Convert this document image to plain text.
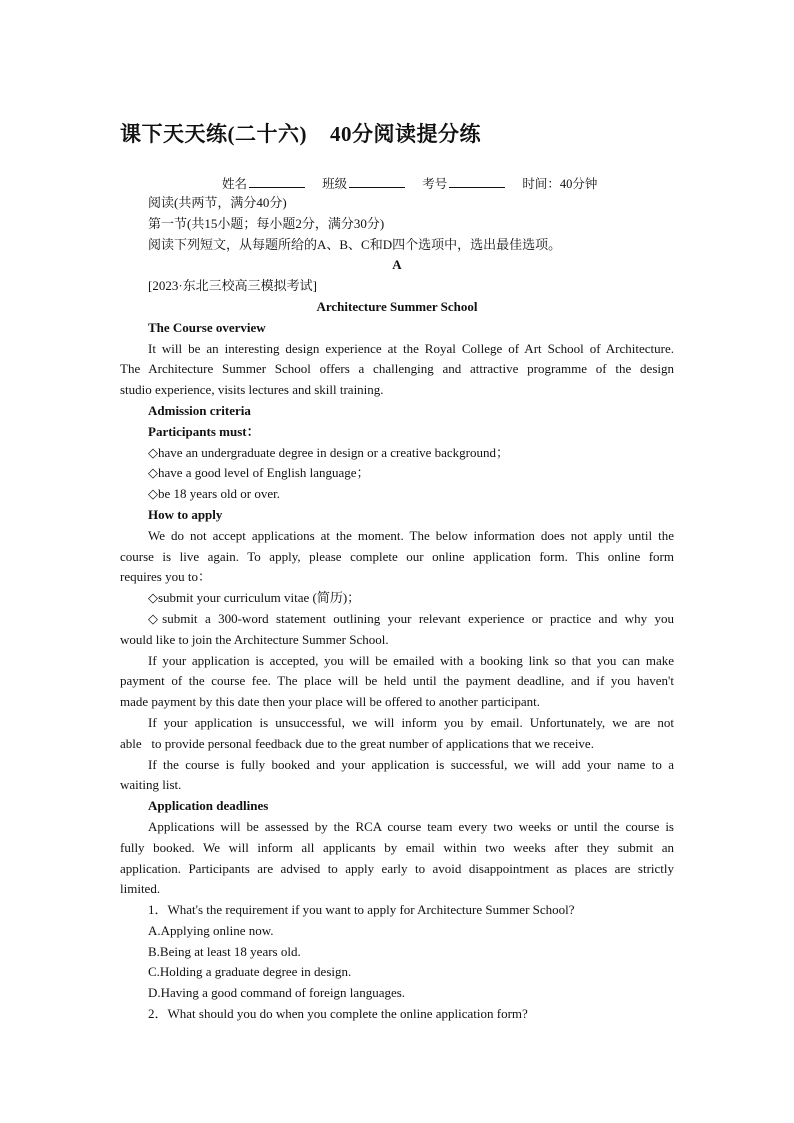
课下天天练(二十六)    40分阅读提分练
姓名	班级	考号	时间：40分钟

阅读(共两节，满分40分)

第一节(共15小题；每小题2分，满分30分)

阅读下列短文，从每题所给的A、B、C和D四个选项中，选出最佳选项。

A

[2023·东北三校高三模拟考试]

Architecture Summer School

The Course overview

It will be an interesting design experience at the Royal College of Art School of Architecture.

The Architecture Summer School offers a challenging and attractive programme of the design

studio experience, visits lectures and skill training.

Admission criteria

Participants must：

◇have an undergraduate degree in design or a creative background；

◇have a good level of English language；

◇be 18 years old or over.

How to apply

We do not accept applications at the moment. The below information does not apply until the

course is live again. To apply, please complete our online application form. This online form

requires you to：

◇submit your curriculum vitae (简历)；

◇submit a 300-word statement outlining your relevant experience or practice and why you

would like to join the Architecture Summer School.

If your application is accepted, you will be emailed with a booking link so that you can make

payment of the course fee. The place will be held until the payment deadline, and if you haven't

made payment by this date then your place will be offered to another participant.

If your application is unsuccessful, we will inform you by email. Unfortunately, we are not

able   to provide personal feedback due to the great number of applications that we receive.

If the course is fully booked and your application is successful, we will add your name to a

waiting list.

Application deadlines

Applications will be assessed by the RCA course team every two weeks or until the course is

fully booked. We will inform all applicants by email within two weeks after they submit an

application. Participants are advised to apply early to avoid disappointment as places are strictly

limited.

1．What's the requirement if you want to apply for Architecture Summer School?

A.Applying online now.

B.Being at least 18 years old.

C.Holding a graduate degree in design.

D.Having a good command of foreign languages.

2．What should you do when you complete the online application form?
